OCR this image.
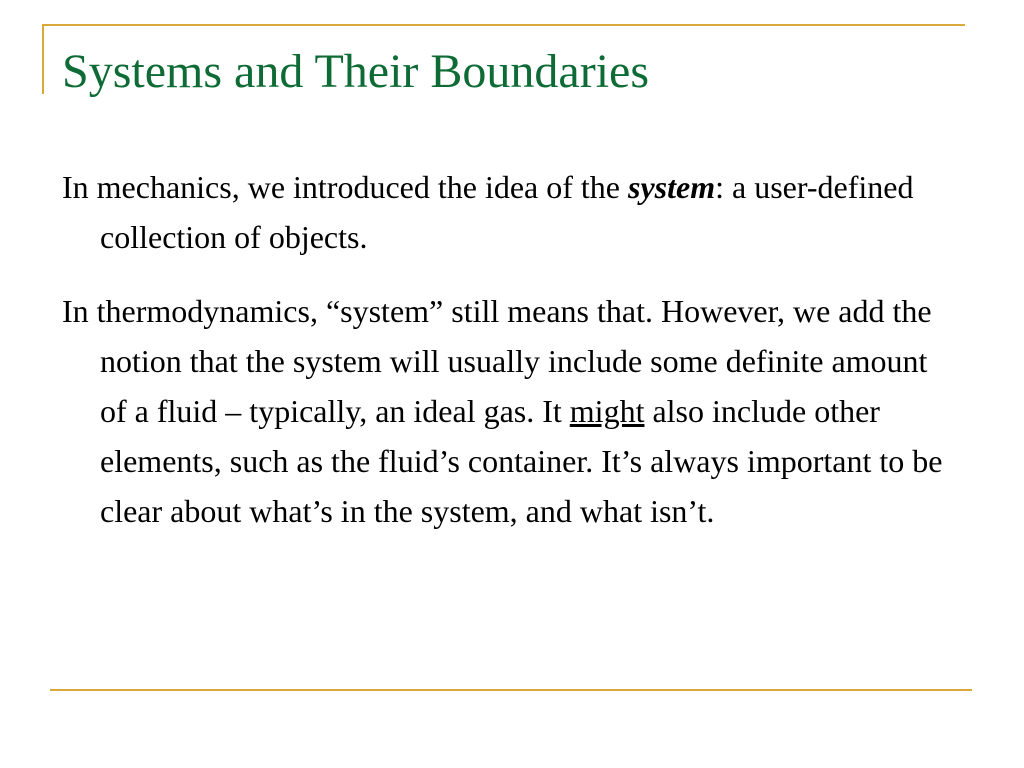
Systems and Their Boundaries

In mechanics, we introduced the idea of the system: a user-defined collection of objects.

In thermodynamics, “system” still means that. However, we add the notion that the system will usually include some definite amount of a fluid – typically, an ideal gas. It might also include other elements, such as the fluid’s container. It’s always important to be clear about what’s in the system, and what isn’t.
